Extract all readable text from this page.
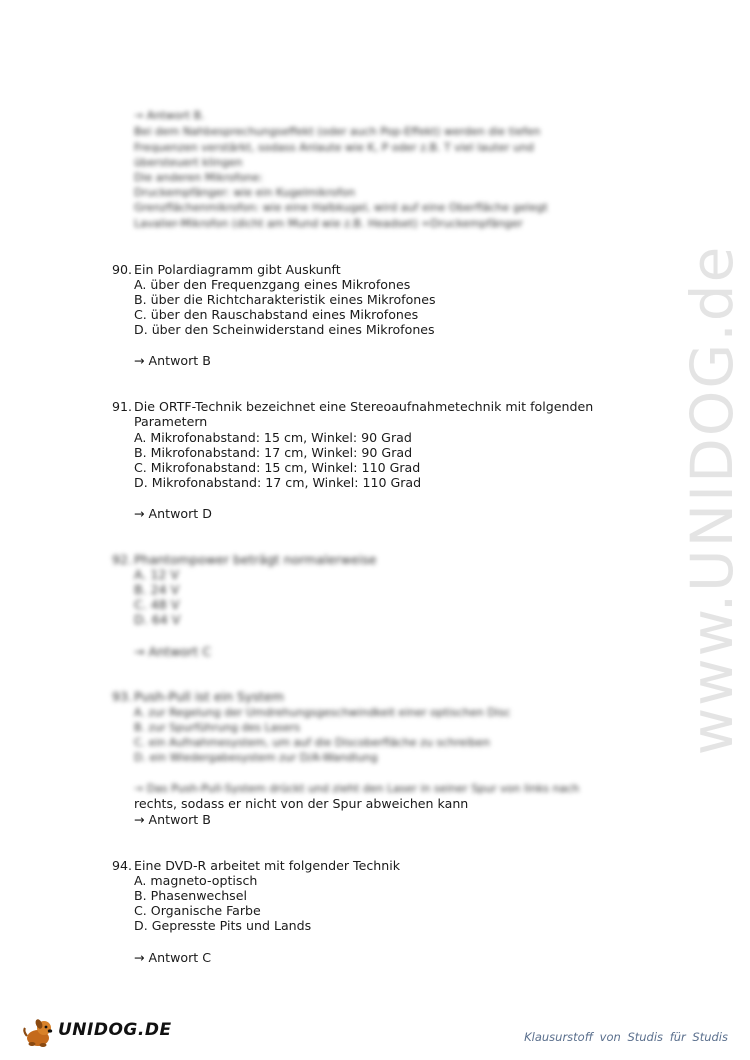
www.UNIDOG.de
→ Antwort B.
Bei dem Nahbesprechungseffekt (oder auch Pop-Effekt) werden die tiefen
Frequenzen verstärkt, sodass Anlaute wie K, P oder z.B. T viel lauter und
übersteuert klingen
Die anderen Mikrofone:
Druckempfänger: wie ein Kugelmikrofon
Grenzflächenmikrofon: wie eine Halbkugel, wird auf eine Oberfläche gelegt
Lavalier-Mikrofon (dicht am Mund wie z.B. Headset) =Druckempfänger
90. Ein Polardiagramm gibt Auskunft
A. über den Frequenzgang eines Mikrofones
B. über die Richtcharakteristik eines Mikrofones
C. über den Rauschabstand eines Mikrofones
D. über den Scheinwiderstand eines Mikrofones
→ Antwort B
91. Die ORTF-Technik bezeichnet eine Stereoaufnahmetechnik mit folgenden
Parametern
A. Mikrofonabstand: 15 cm, Winkel: 90 Grad
B. Mikrofonabstand: 17 cm, Winkel: 90 Grad
C. Mikrofonabstand: 15 cm, Winkel: 110 Grad
D. Mikrofonabstand: 17 cm, Winkel: 110 Grad
→ Antwort D
92. Phantompower beträgt normalerweise
A. 12 V
B. 24 V
C. 48 V
D. 64 V
→ Antwort C
93. Push-Pull ist ein System
A. zur Regelung der Umdrehungsgeschwindkeit einer optischen Disc
B. zur Spurführung des Lasers
C. ein Aufnahmesystem, um auf die Discoberfläche zu schreiben
D. ein Wiedergabesystem zur D/A-Wandlung
→ Das Push-Pull-System drückt und zieht den Laser in seiner Spur von links nach
rechts, sodass er nicht von der Spur abweichen kann
→ Antwort B
94. Eine DVD-R arbeitet mit folgender Technik
A. magneto-optisch
B. Phasenwechsel
C. Organische Farbe
D. Gepresste Pits und Lands
→ Antwort C
UNIDOG.DE	Klausurstoff von Studis für Studis
